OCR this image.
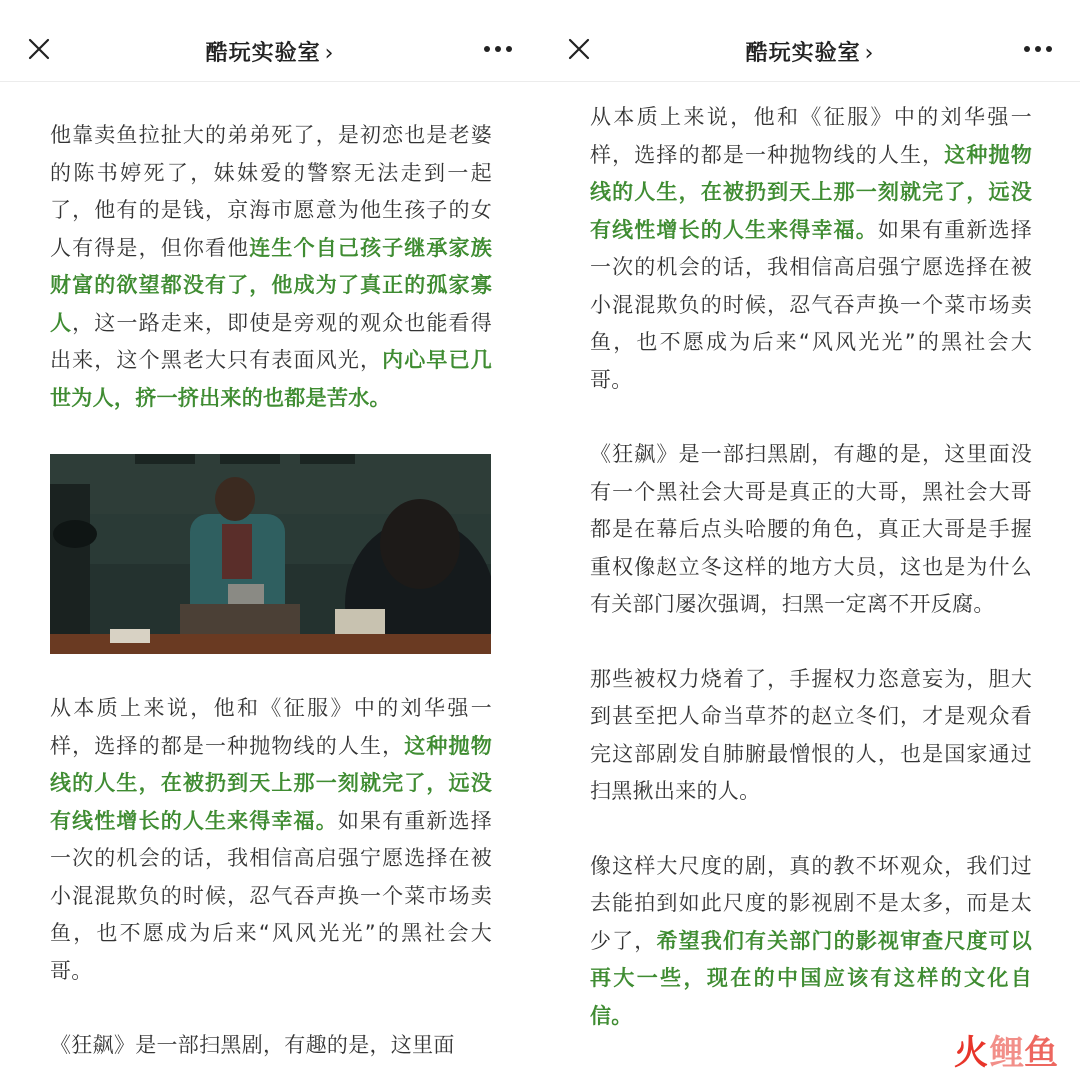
酷玩实验室 ›

他靠卖鱼拉扯大的弟弟死了，是初恋也是老婆的陈书婷死了，妹妹爱的警察无法走到一起了，他有的是钱，京海市愿意为他生孩子的女人有得是，但你看他连生个自己孩子继承家族财富的欲望都没有了，他成为了真正的孤家寡人，这一路走来，即使是旁观的观众也能看得出来，这个黑老大只有表面风光，内心早已几世为人，挤一挤出来的也都是苦水。

从本质上来说，他和《征服》中的刘华强一样，选择的都是一种抛物线的人生，这种抛物线的人生，在被扔到天上那一刻就完了，远没有线性增长的人生来得幸福。如果有重新选择一次的机会的话，我相信高启强宁愿选择在被小混混欺负的时候，忍气吞声换一个菜市场卖鱼，也不愿成为后来“风风光光”的黑社会大哥。

《狂飙》是一部扫黑剧，有趣的是，这里面

酷玩实验室 ›

从本质上来说，他和《征服》中的刘华强一样，选择的都是一种抛物线的人生，这种抛物线的人生，在被扔到天上那一刻就完了，远没有线性增长的人生来得幸福。如果有重新选择一次的机会的话，我相信高启强宁愿选择在被小混混欺负的时候，忍气吞声换一个菜市场卖鱼，也不愿成为后来“风风光光”的黑社会大哥。

《狂飙》是一部扫黑剧，有趣的是，这里面没有一个黑社会大哥是真正的大哥，黑社会大哥都是在幕后点头哈腰的角色，真正大哥是手握重权像赵立冬这样的地方大员，这也是为什么有关部门屡次强调，扫黑一定离不开反腐。

那些被权力烧着了，手握权力恣意妄为，胆大到甚至把人命当草芥的赵立冬们，才是观众看完这部剧发自肺腑最憎恨的人，也是国家通过扫黑揪出来的人。

像这样大尺度的剧，真的教不坏观众，我们过去能拍到如此尺度的影视剧不是太多，而是太少了，希望我们有关部门的影视审查尺度可以再大一些，现在的中国应该有这样的文化自信。

火 鲤 鱼
